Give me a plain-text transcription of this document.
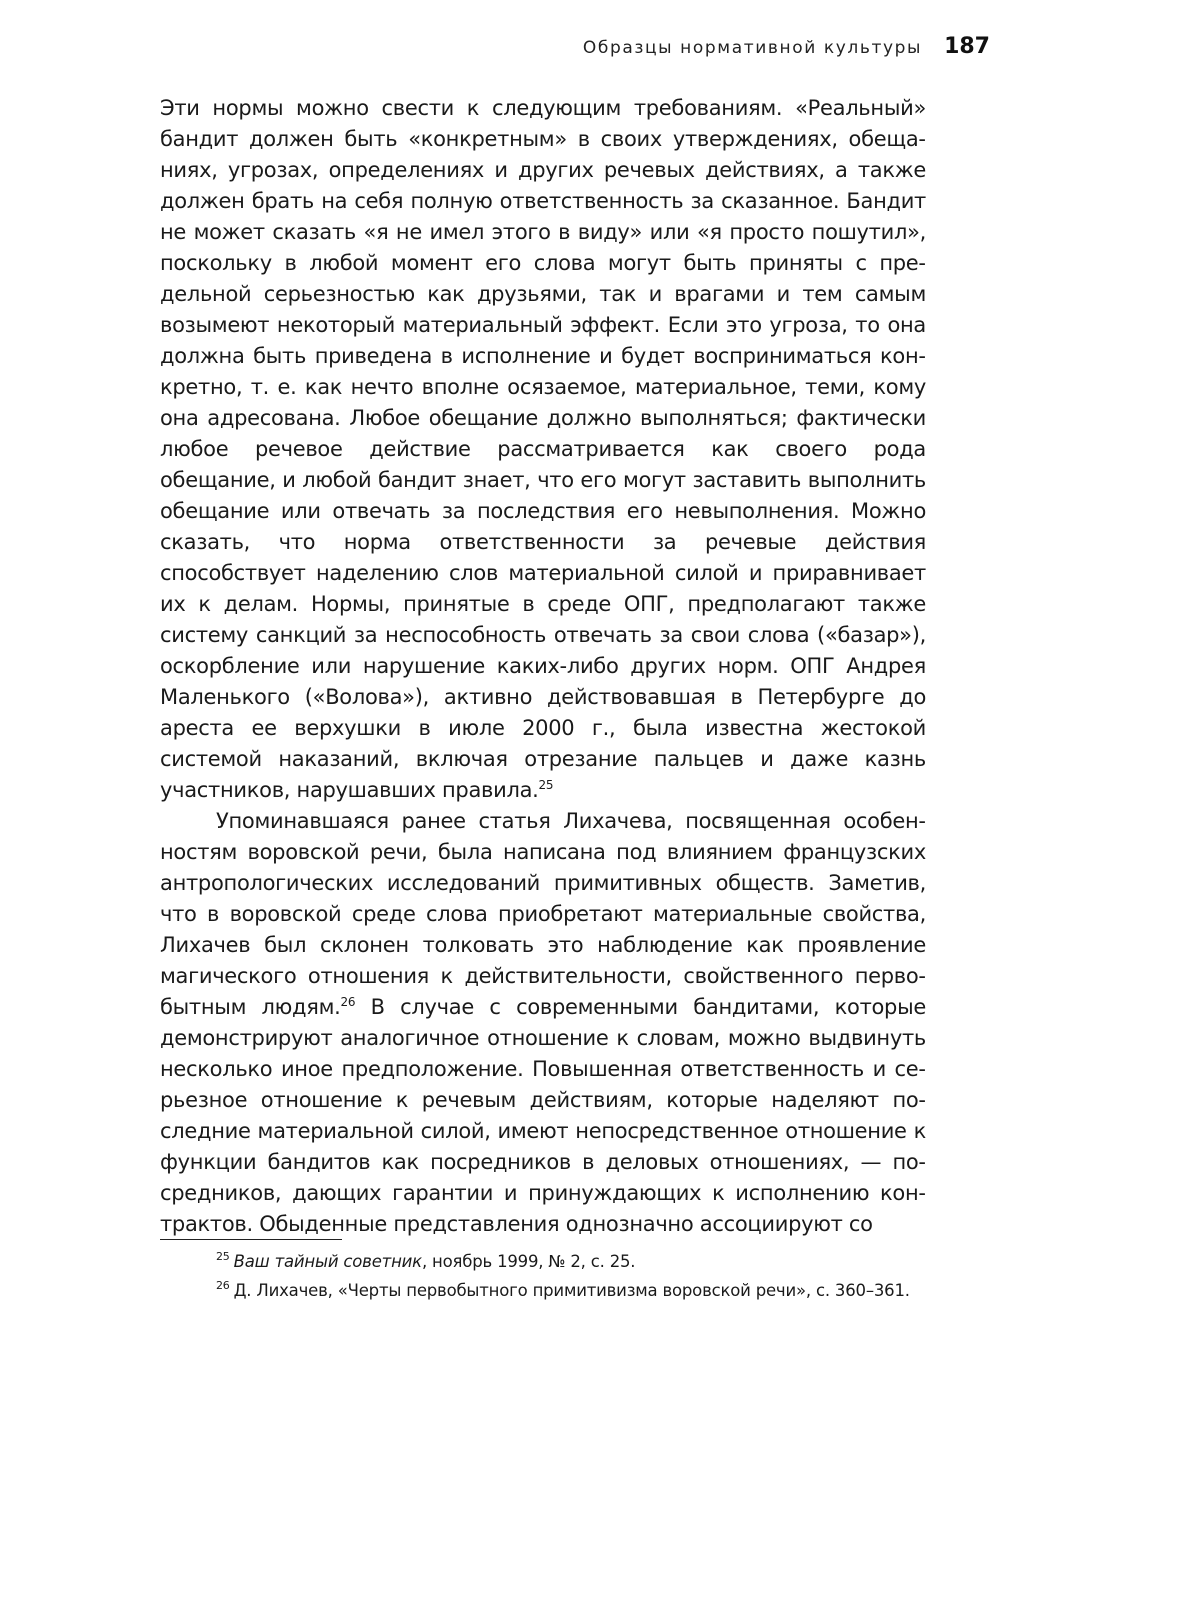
Образцы нормативной культуры 187

Эти нормы можно свести к следующим требованиям. «Реальный» бандит должен быть «конкретным» в своих утверждениях, обещаниях, угрозах, определениях и других речевых действиях, а также должен брать на себя полную ответственность за сказанное. Бандит не может сказать «я не имел этого в виду» или «я просто пошутил», поскольку в любой момент его слова могут быть приняты с предельной серьезностью как друзьями, так и врагами и тем самым возымеют некоторый материальный эффект. Если это угроза, то она должна быть приведена в исполнение и будет восприниматься конкретно, т. е. как нечто вполне осязаемое, материальное, теми, кому она адресована. Любое обещание должно выполняться; фактически любое речевое действие рассматривается как своего рода обещание, и любой бандит знает, что его могут заставить выполнить обещание или отвечать за последствия его невыполнения. Можно сказать, что норма ответственности за речевые действия способствует наделению слов материальной силой и приравнивает их к делам. Нормы, принятые в среде ОПГ, предполагают также систему санкций за неспособность отвечать за свои слова («базар»), оскорбление или нарушение каких-либо других норм. ОПГ Андрея Маленького («Волова»), активно действовавшая в Петербурге до ареста ее верхушки в июле 2000 г., была известна жестокой системой наказаний, включая отрезание пальцев и даже казнь участников, нарушавших правила.$^{25}$

Упоминавшаяся ранее статья Лихачева, посвященная особенностям воровской речи, была написана под влиянием французских антропологических исследований примитивных обществ. Заметив, что в воровской среде слова приобретают материальные свойства, Лихачев был склонен толковать это наблюдение как проявление магического отношения к действительности, свойственного первобытным людям.$^{26}$ В случае с современными бандитами, которые демонстрируют аналогичное отношение к словам, можно выдвинуть несколько иное предположение. Повышенная ответственность и серьезное отношение к речевым действиям, которые наделяют последние материальной силой, имеют непосредственное отношение к функции бандитов как посредников в деловых отношениях, — посредников, дающих гарантии и принуждающих к исполнению контрактов. Обыденные представления однозначно ассоциируют со

$^{25}$ Ваш тайный советник, ноябрь 1999, № 2, с. 25.

$^{26}$ Д. Лихачев, «Черты первобытного примитивизма воровской речи», с. 360–361.
